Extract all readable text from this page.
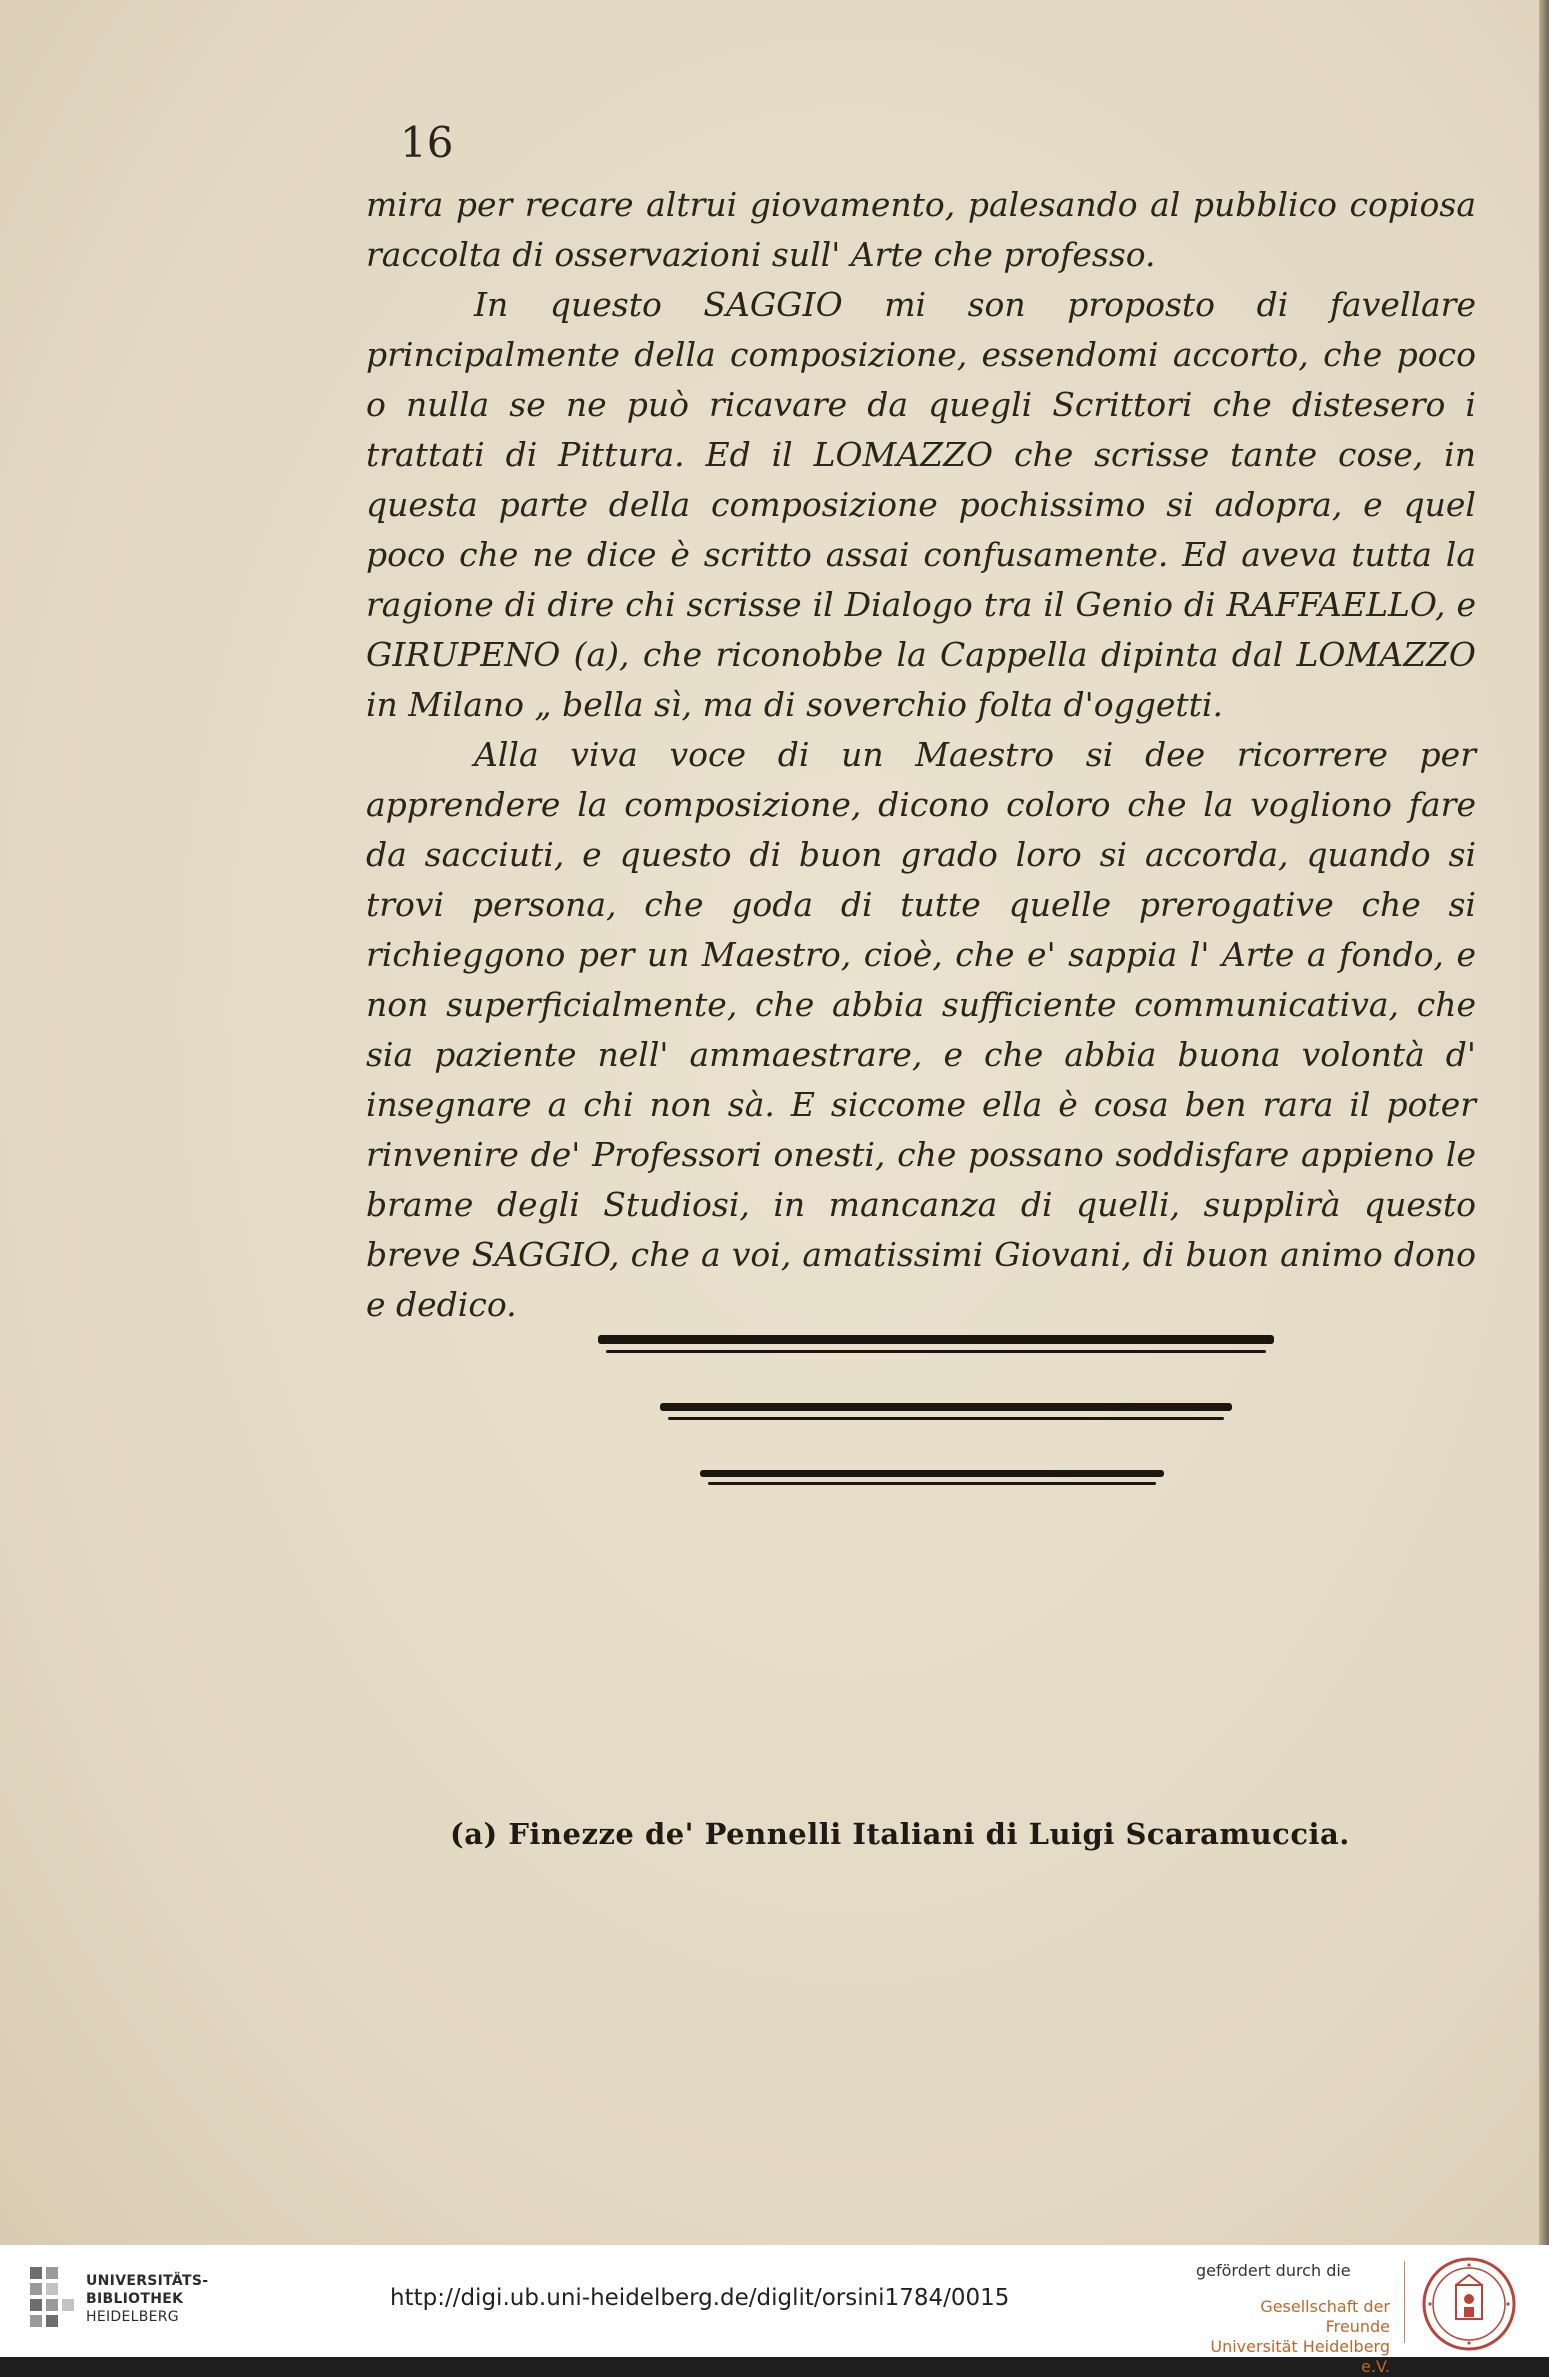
16

mira per recare altrui giovamento, palesando al pubblico copiosa raccolta di osservazioni sull' Arte che professo.

In questo SAGGIO mi son proposto di favellare principalmente della composizione, essendomi accorto, che poco o nulla se ne può ricavare da quegli Scrittori che distesero i trattati di Pittura. Ed il LOMAZZO che scrisse tante cose, in questa parte della composizione pochissimo si adopra, e quel poco che ne dice è scritto assai confusamente. Ed aveva tutta la ragione di dire chi scrisse il Dialogo tra il Genio di RAFFAELLO, e GIRUPENO (a), che riconobbe la Cappella dipinta dal LOMAZZO in Milano „ bella sì, ma di soverchio folta d'oggetti.

Alla viva voce di un Maestro si dee ricorrere per apprendere la composizione, dicono coloro che la vogliono fare da sacciuti, e questo di buon grado loro si accorda, quando si trovi persona, che goda di tutte quelle prerogative che si richieggono per un Maestro, cioè, che e' sappia l' Arte a fondo, e non superficialmente, che abbia sufficiente communicativa, che sia paziente nell' ammaestrare, e che abbia buona volontà d' insegnare a chi non sà. E siccome ella è cosa ben rara il poter rinvenire de' Professori onesti, che possano soddisfare appieno le brame degli Studiosi, in mancanza di quelli, supplirà questo breve SAGGIO, che a voi, amatissimi Giovani, di buon animo dono e dedico.

(a) Finezze de' Pennelli Italiani di Luigi Scaramuccia.
UNIVERSITÄTS-
BIBLIOTHEK
HEIDELBERG
http://digi.ub.uni-heidelberg.de/diglit/orsini1784/0015
gefördert durch die
Gesellschaft der Freunde
Universität Heidelberg e.V.
